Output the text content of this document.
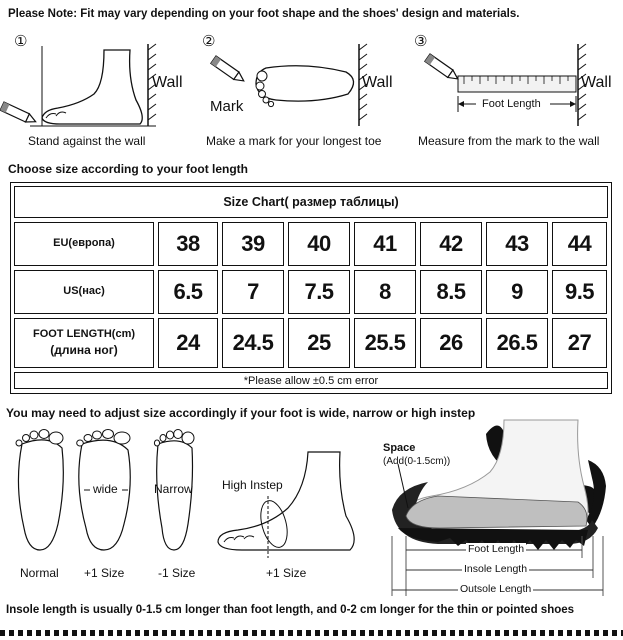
Please Note: Fit may vary depending on your foot shape and the shoes' design and materials.
①
Wall
Stand against the wall
②
Mark
Wall
Make a mark for your longest toe
③
Foot Length
Wall
Measure from the mark to the wall
Choose size according to your foot length
Size Chart( размер таблицы)
EU(европа)	38	39	40	41	42	43	44
US(нас)	6.5	7	7.5	8	8.5	9	9.5
FOOT LENGTH(cm)
(длина ног)	24	24.5	25	25.5	26	26.5	27
*Please allow ±0.5 cm error
You may need to adjust size accordingly if your foot is wide, narrow or high instep
wide	Narrow
Normal +1 Size	-1 Size
High Instep
+1 Size
Space
(Add(0-1.5cm))
Foot Length
Insole Length
Outsole Length
Insole length is usually 0-1.5 cm longer than foot length, and 0-2 cm longer for the thin or pointed shoes
